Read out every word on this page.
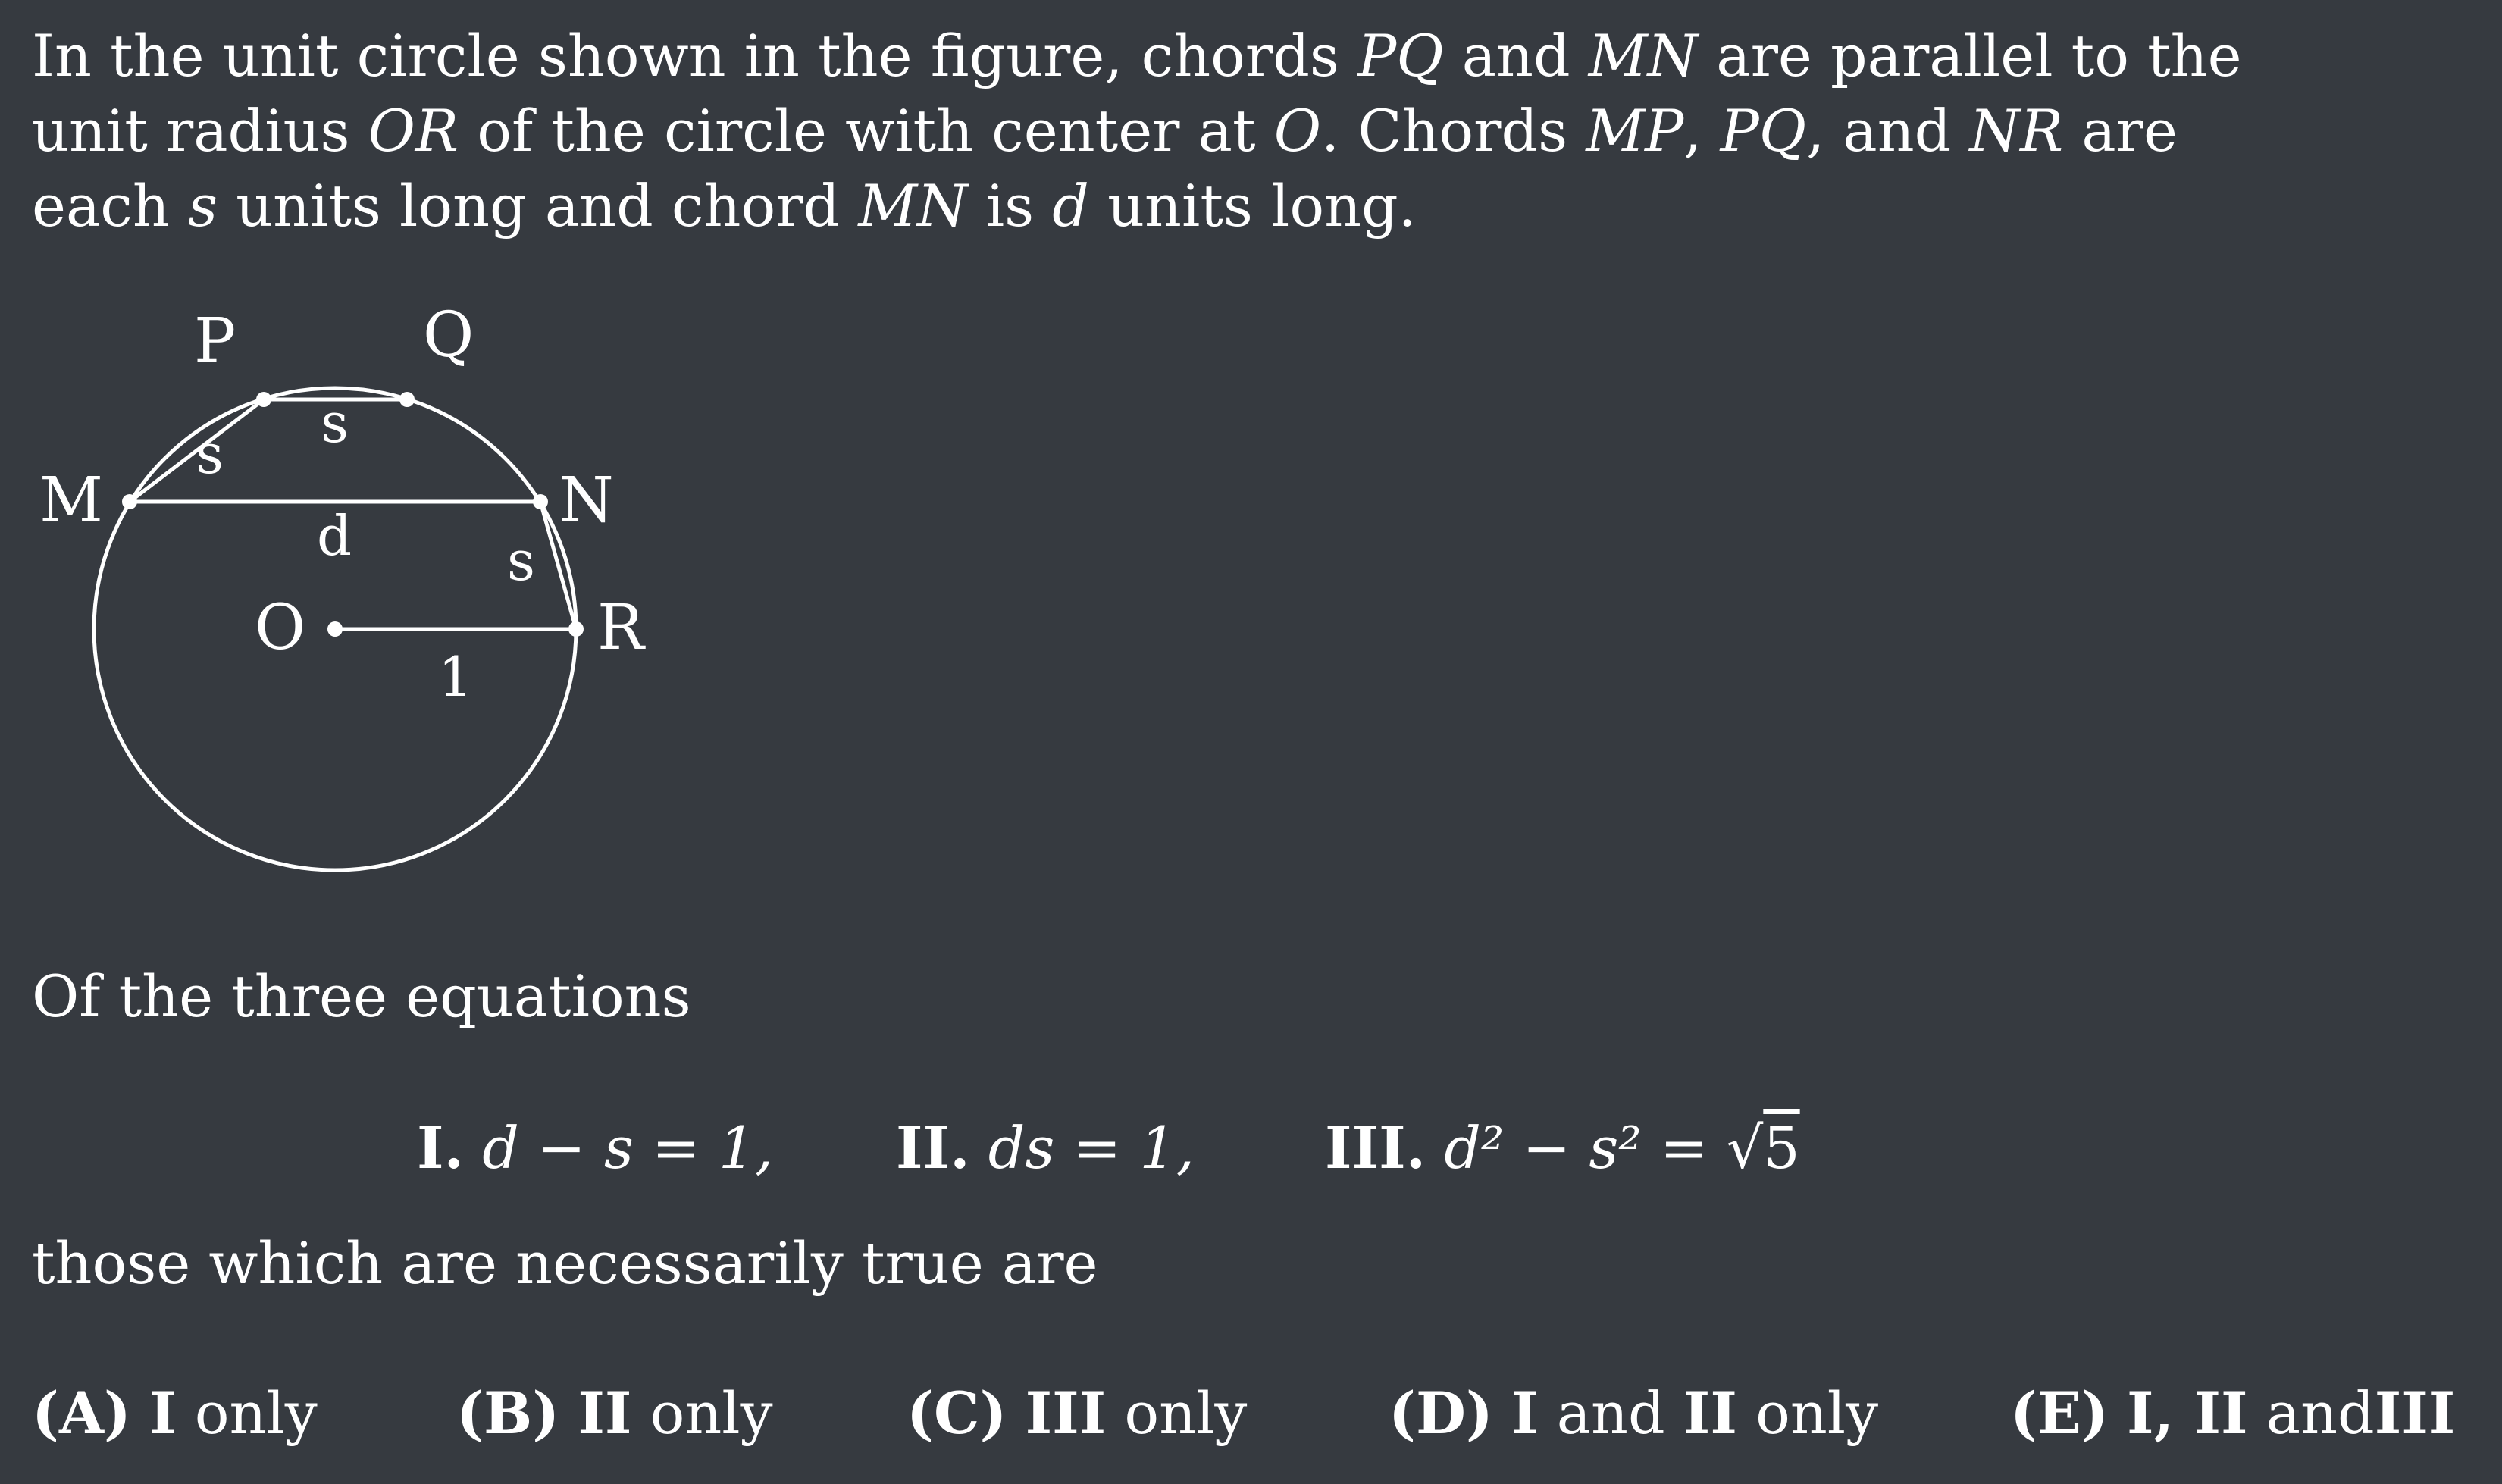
In the unit circle shown in the figure, chords PQ and MN are parallel to the
unit radius OR of the circle with center at O. Chords MP, PQ, and NR are
each s units long and chord MN is d units long.
P	Q
M	N
O	R
s s
d	s
1
Of the three equations
I. d − s = 1, II. ds = 1, III. d² − s² = √5
those which are necessarily true are
(A) I only (B) II only (C) III only (D) I and II only (E) I, II andIII
